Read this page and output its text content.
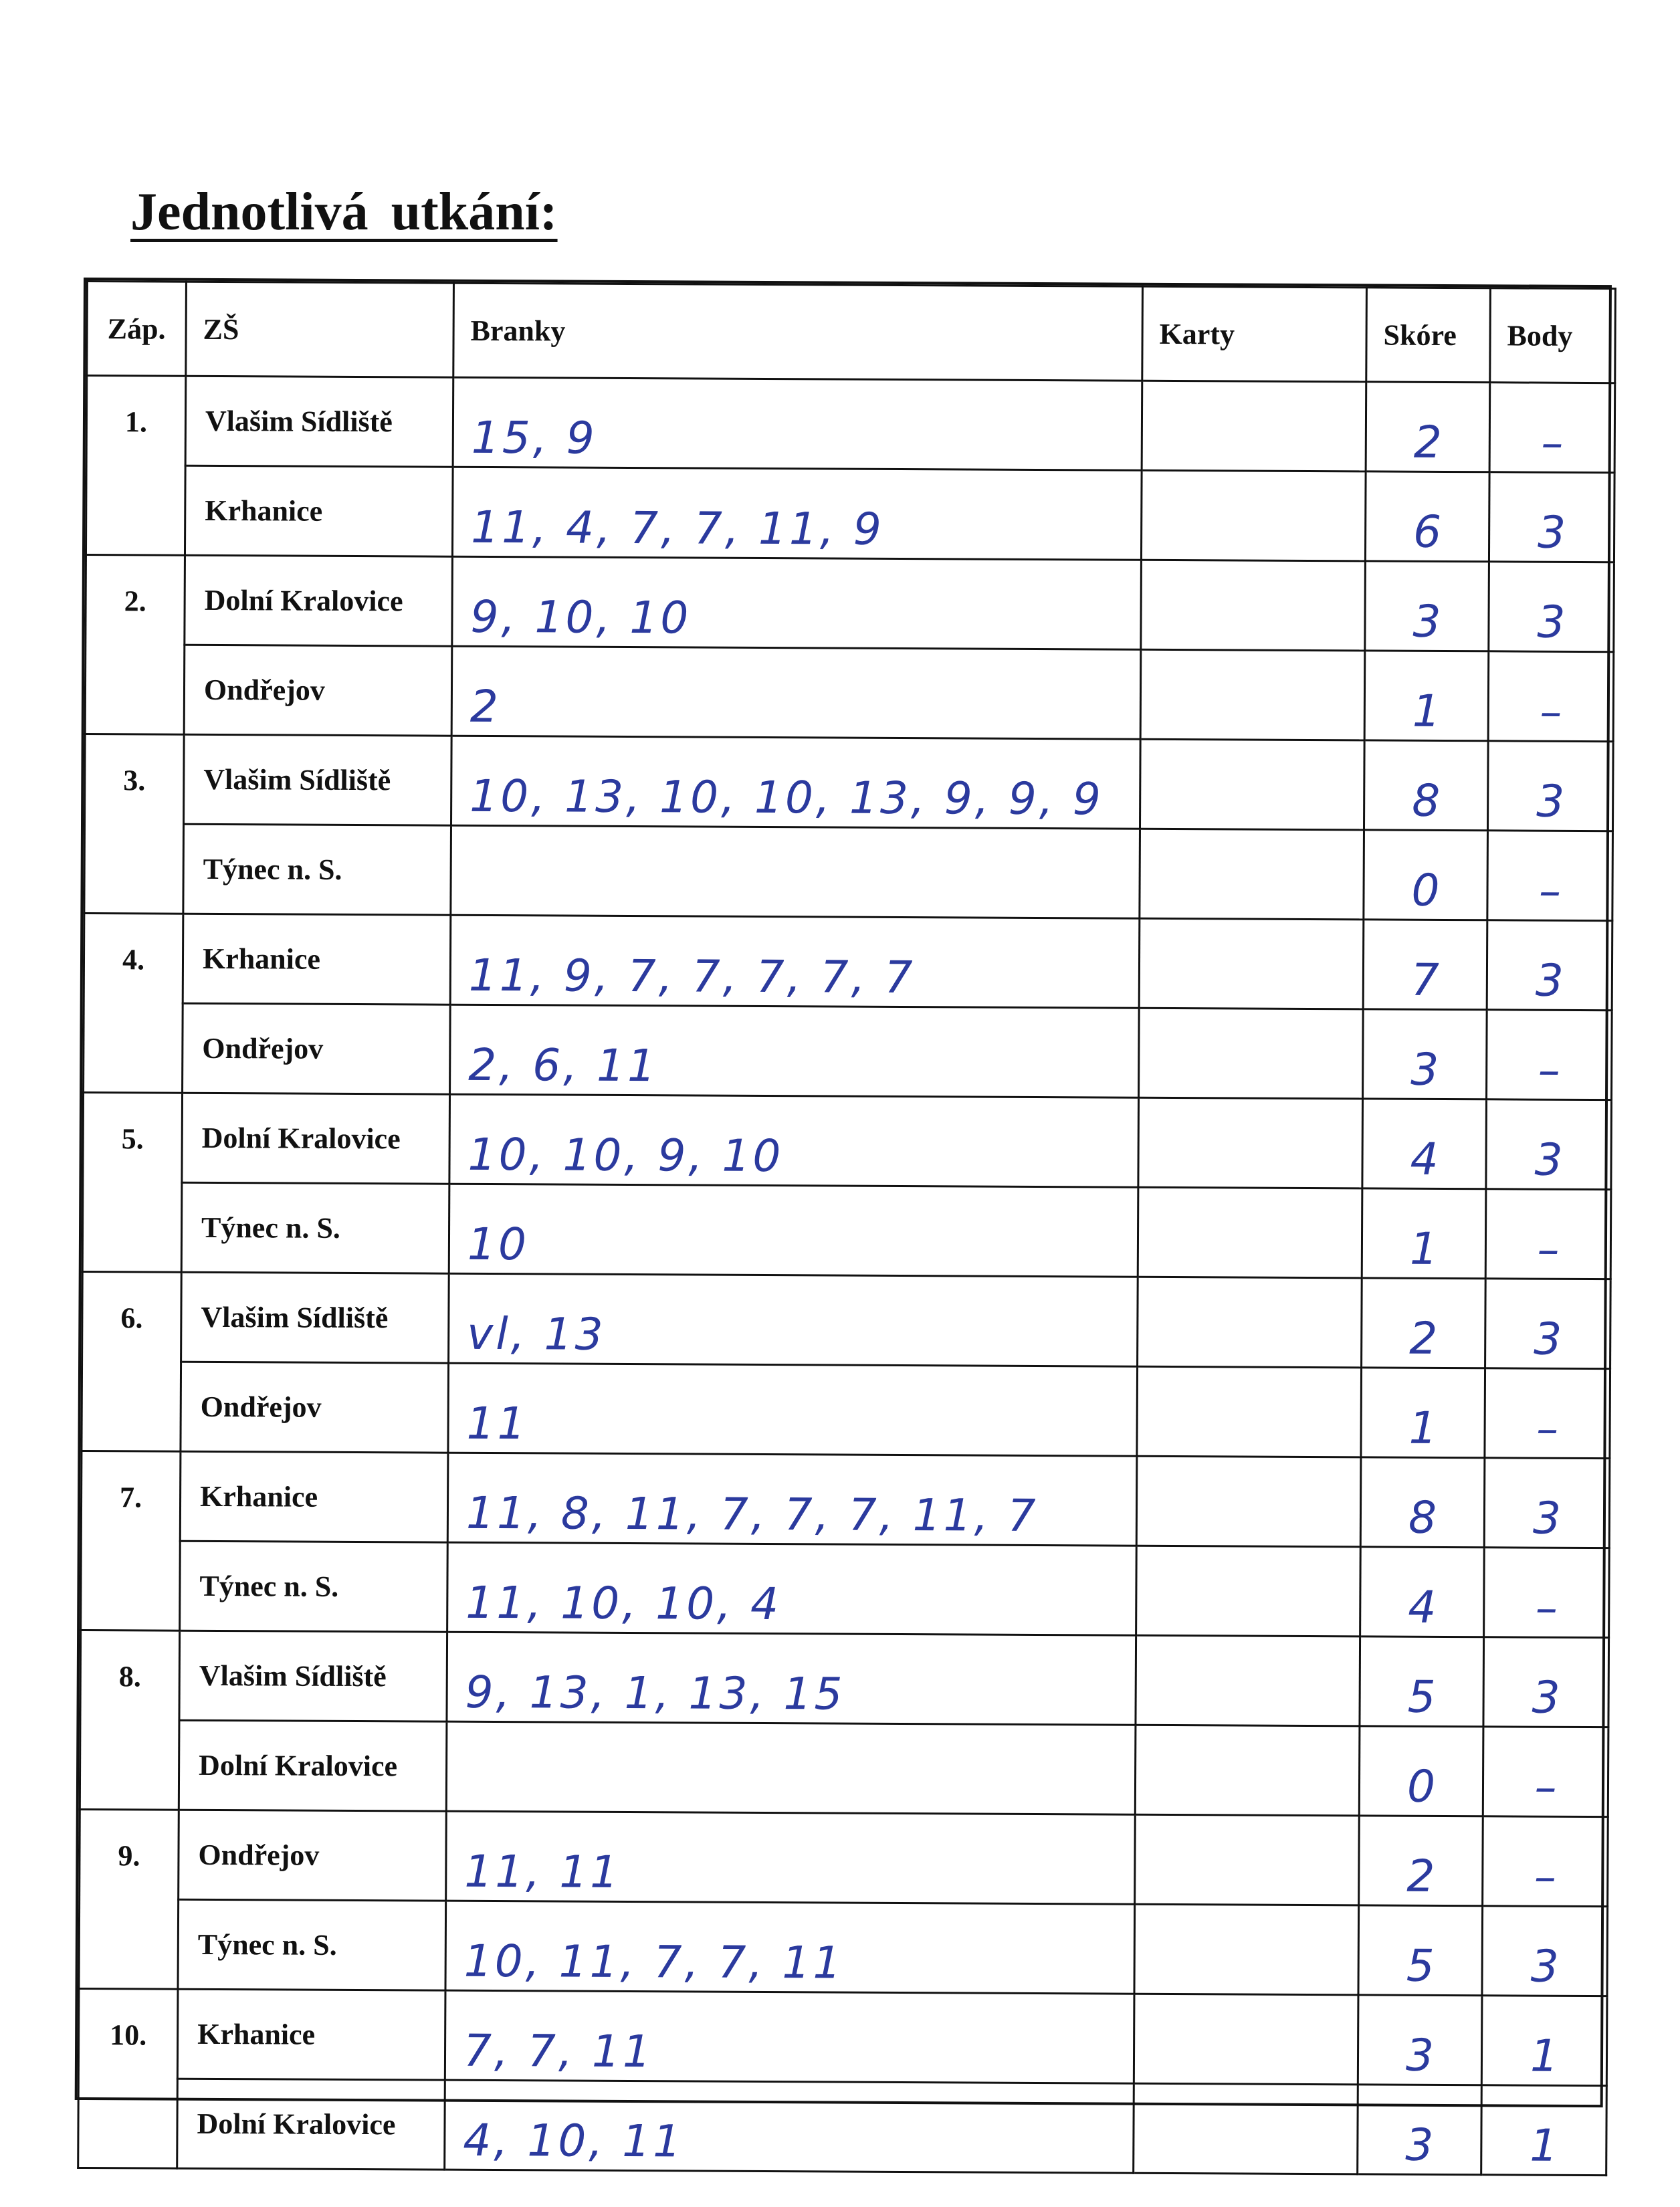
Jednotlivá utkání:
Záp.	ZŠ	Branky	Karty	Skóre	Body
1.	Vlašim Sídliště	15, 9		2	–
	Krhanice	11, 4, 7, 7, 11, 9		6	3
2.	Dolní Kralovice	9, 10, 10		3	3
	Ondřejov	2		1	–
3.	Vlašim Sídliště	10, 13, 10, 10, 13, 9, 9, 9		8	3
	Týnec n. S.			0	–
4.	Krhanice	11, 9, 7, 7, 7, 7, 7		7	3
	Ondřejov	2, 6, 11		3	–
5.	Dolní Kralovice	10, 10, 9, 10		4	3
	Týnec n. S.	10		1	–
6.	Vlašim Sídliště	vl, 13		2	3
	Ondřejov	11		1	–
7.	Krhanice	11, 8, 11, 7, 7, 7, 11, 7		8	3
	Týnec n. S.	11, 10, 10, 4		4	–
8.	Vlašim Sídliště	9, 13, 1, 13, 15		5	3
	Dolní Kralovice			0	–
9.	Ondřejov	11, 11		2	–
	Týnec n. S.	10, 11, 7, 7, 11		5	3
10.	Krhanice	7, 7, 11		3	1
	Dolní Kralovice	4, 10, 11		3	1
